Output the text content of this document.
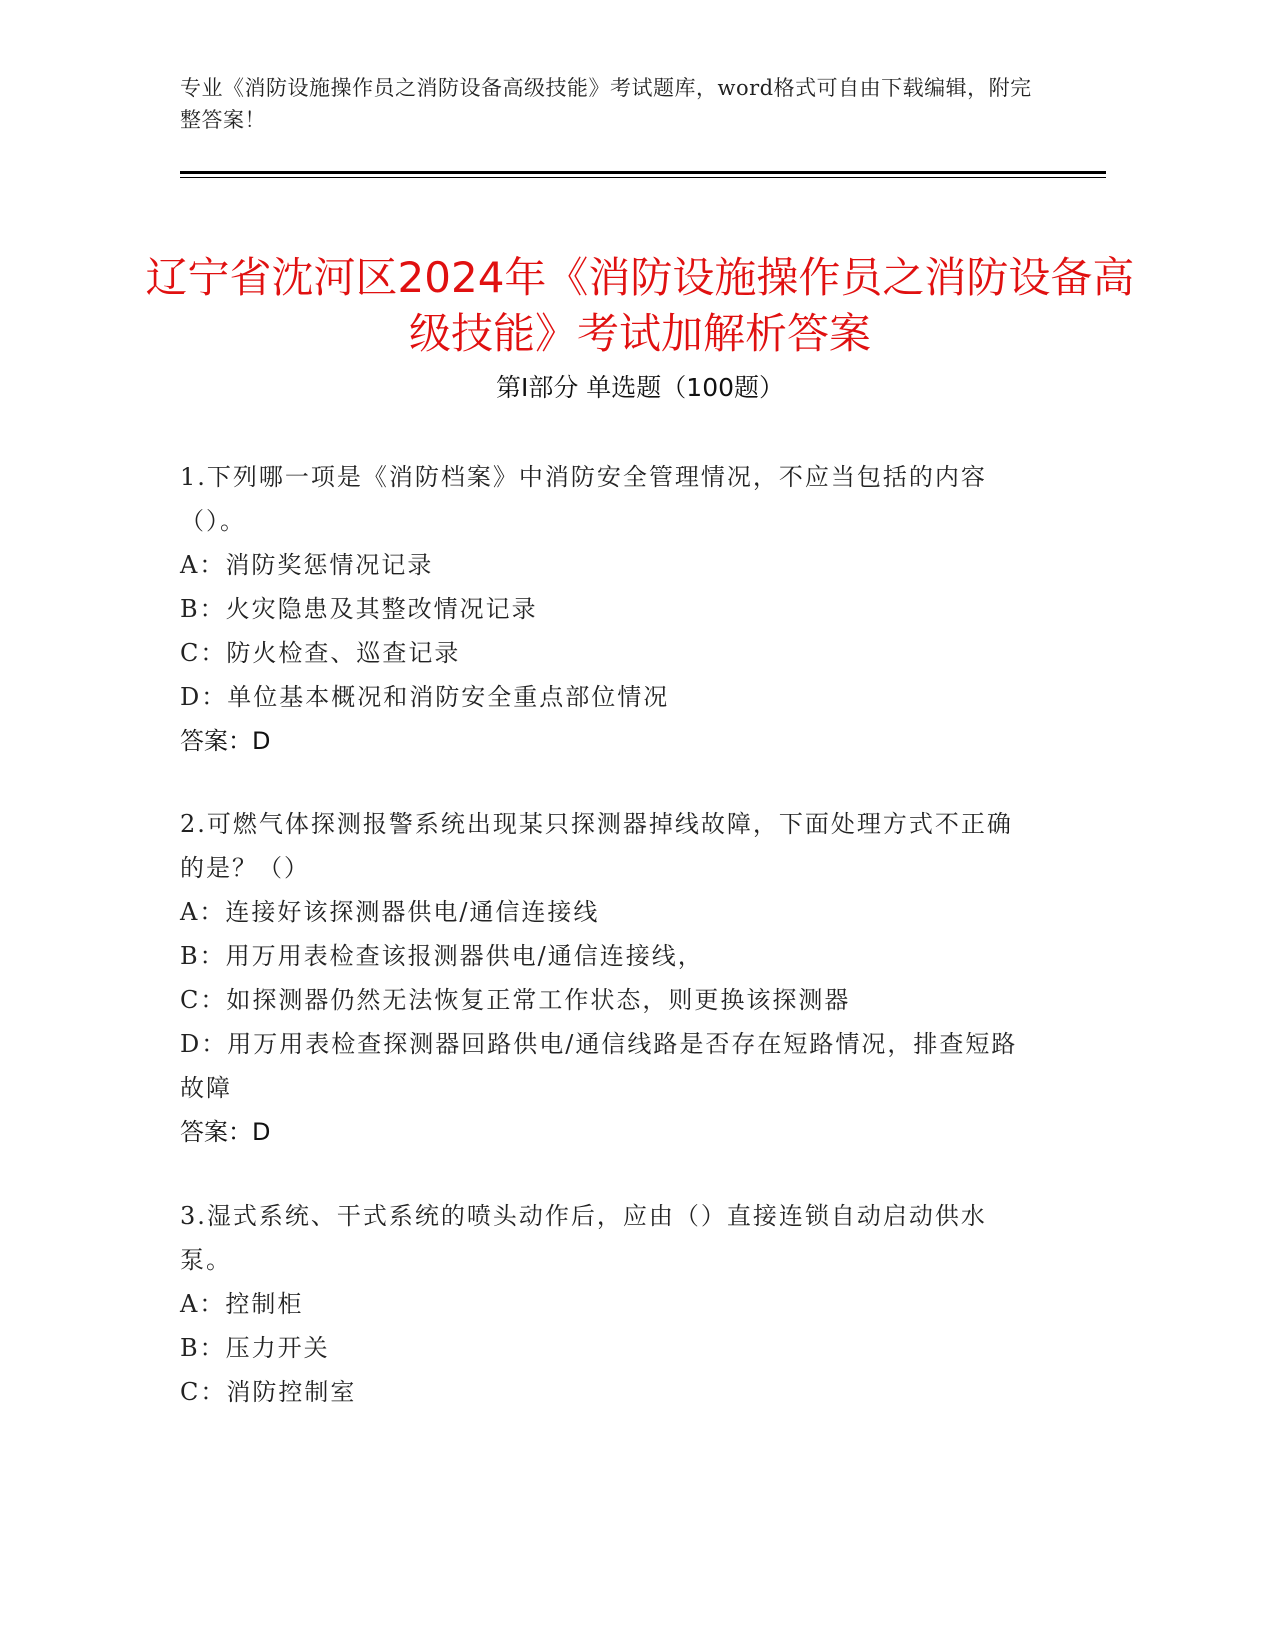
专业《消防设施操作员之消防设备高级技能》考试题库，word格式可自由下载编辑，附完整答案！
辽宁省沈河区2024年《消防设施操作员之消防设备高级技能》考试加解析答案
第Ⅰ部分 单选题（100题）
1.下列哪一项是《消防档案》中消防安全管理情况，不应当包括的内容（）。
A：消防奖惩情况记录
B：火灾隐患及其整改情况记录
C：防火检查、巡查记录
D：单位基本概况和消防安全重点部位情况
答案：D
2.可燃气体探测报警系统出现某只探测器掉线故障，下面处理方式不正确的是？（）
A：连接好该探测器供电/通信连接线
B：用万用表检查该报测器供电/通信连接线，
C：如探测器仍然无法恢复正常工作状态，则更换该探测器
D：用万用表检查探测器回路供电/通信线路是否存在短路情况，排查短路故障
答案：D
3.湿式系统、干式系统的喷头动作后，应由（）直接连锁自动启动供水泵。
A：控制柜
B：压力开关
C：消防控制室
